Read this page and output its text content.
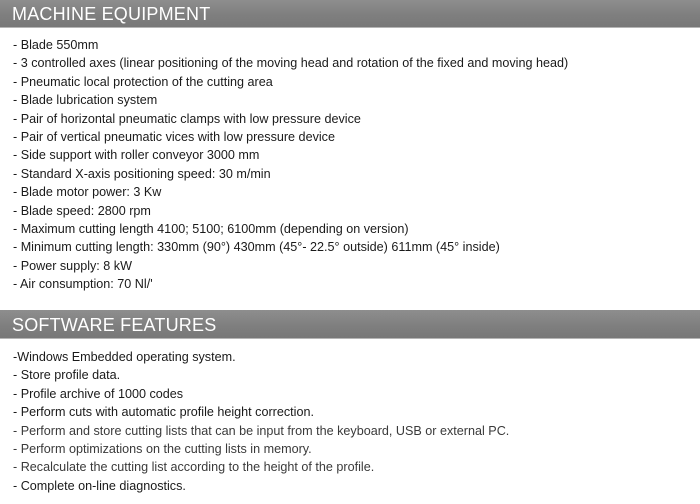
MACHINE EQUIPMENT
- Blade 550mm
- 3 controlled axes (linear positioning of the moving head and rotation of the fixed and moving head)
- Pneumatic local protection of the cutting area
- Blade lubrication system
- Pair of horizontal pneumatic clamps with low pressure device
- Pair of vertical pneumatic vices with low pressure device
- Side support with roller conveyor 3000 mm
- Standard X-axis positioning speed: 30 m/min
- Blade motor power: 3 Kw
- Blade speed: 2800 rpm
- Maximum cutting length 4100; 5100; 6100mm (depending on version)
- Minimum cutting length: 330mm (90°) 430mm (45°- 22.5° outside) 611mm (45° inside)
- Power supply: 8 kW
- Air consumption: 70 Nl/'
SOFTWARE FEATURES
-Windows Embedded operating system.
- Store profile data.
- Profile archive of 1000 codes
- Perform cuts with automatic profile height correction.
- Perform and store cutting lists that can be input from the keyboard, USB or external PC.
- Perform optimizations on the cutting lists in memory.
- Recalculate the cutting list according to the height of the profile.
- Complete on-line diagnostics.
